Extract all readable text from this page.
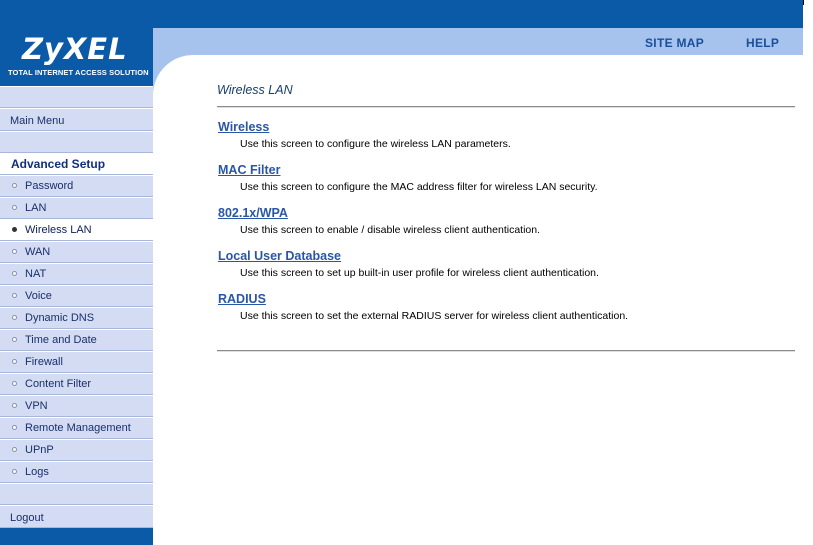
ZyXEL
TOTAL INTERNET ACCESS SOLUTION
Main Menu
Advanced Setup
Password
LAN
Wireless LAN
WAN
NAT
Voice
Dynamic DNS
Time and Date
Firewall
Content Filter
VPN
Remote Management
UPnP
Logs
Logout
SITE MAP	HELP
Wireless LAN
Wireless
Use this screen to configure the wireless LAN parameters.
MAC Filter
Use this screen to configure the MAC address filter for wireless LAN security.
802.1x/WPA
Use this screen to enable / disable wireless client authentication.
Local User Database
Use this screen to set up built-in user profile for wireless client authentication.
RADIUS
Use this screen to set the external RADIUS server for wireless client authentication.
